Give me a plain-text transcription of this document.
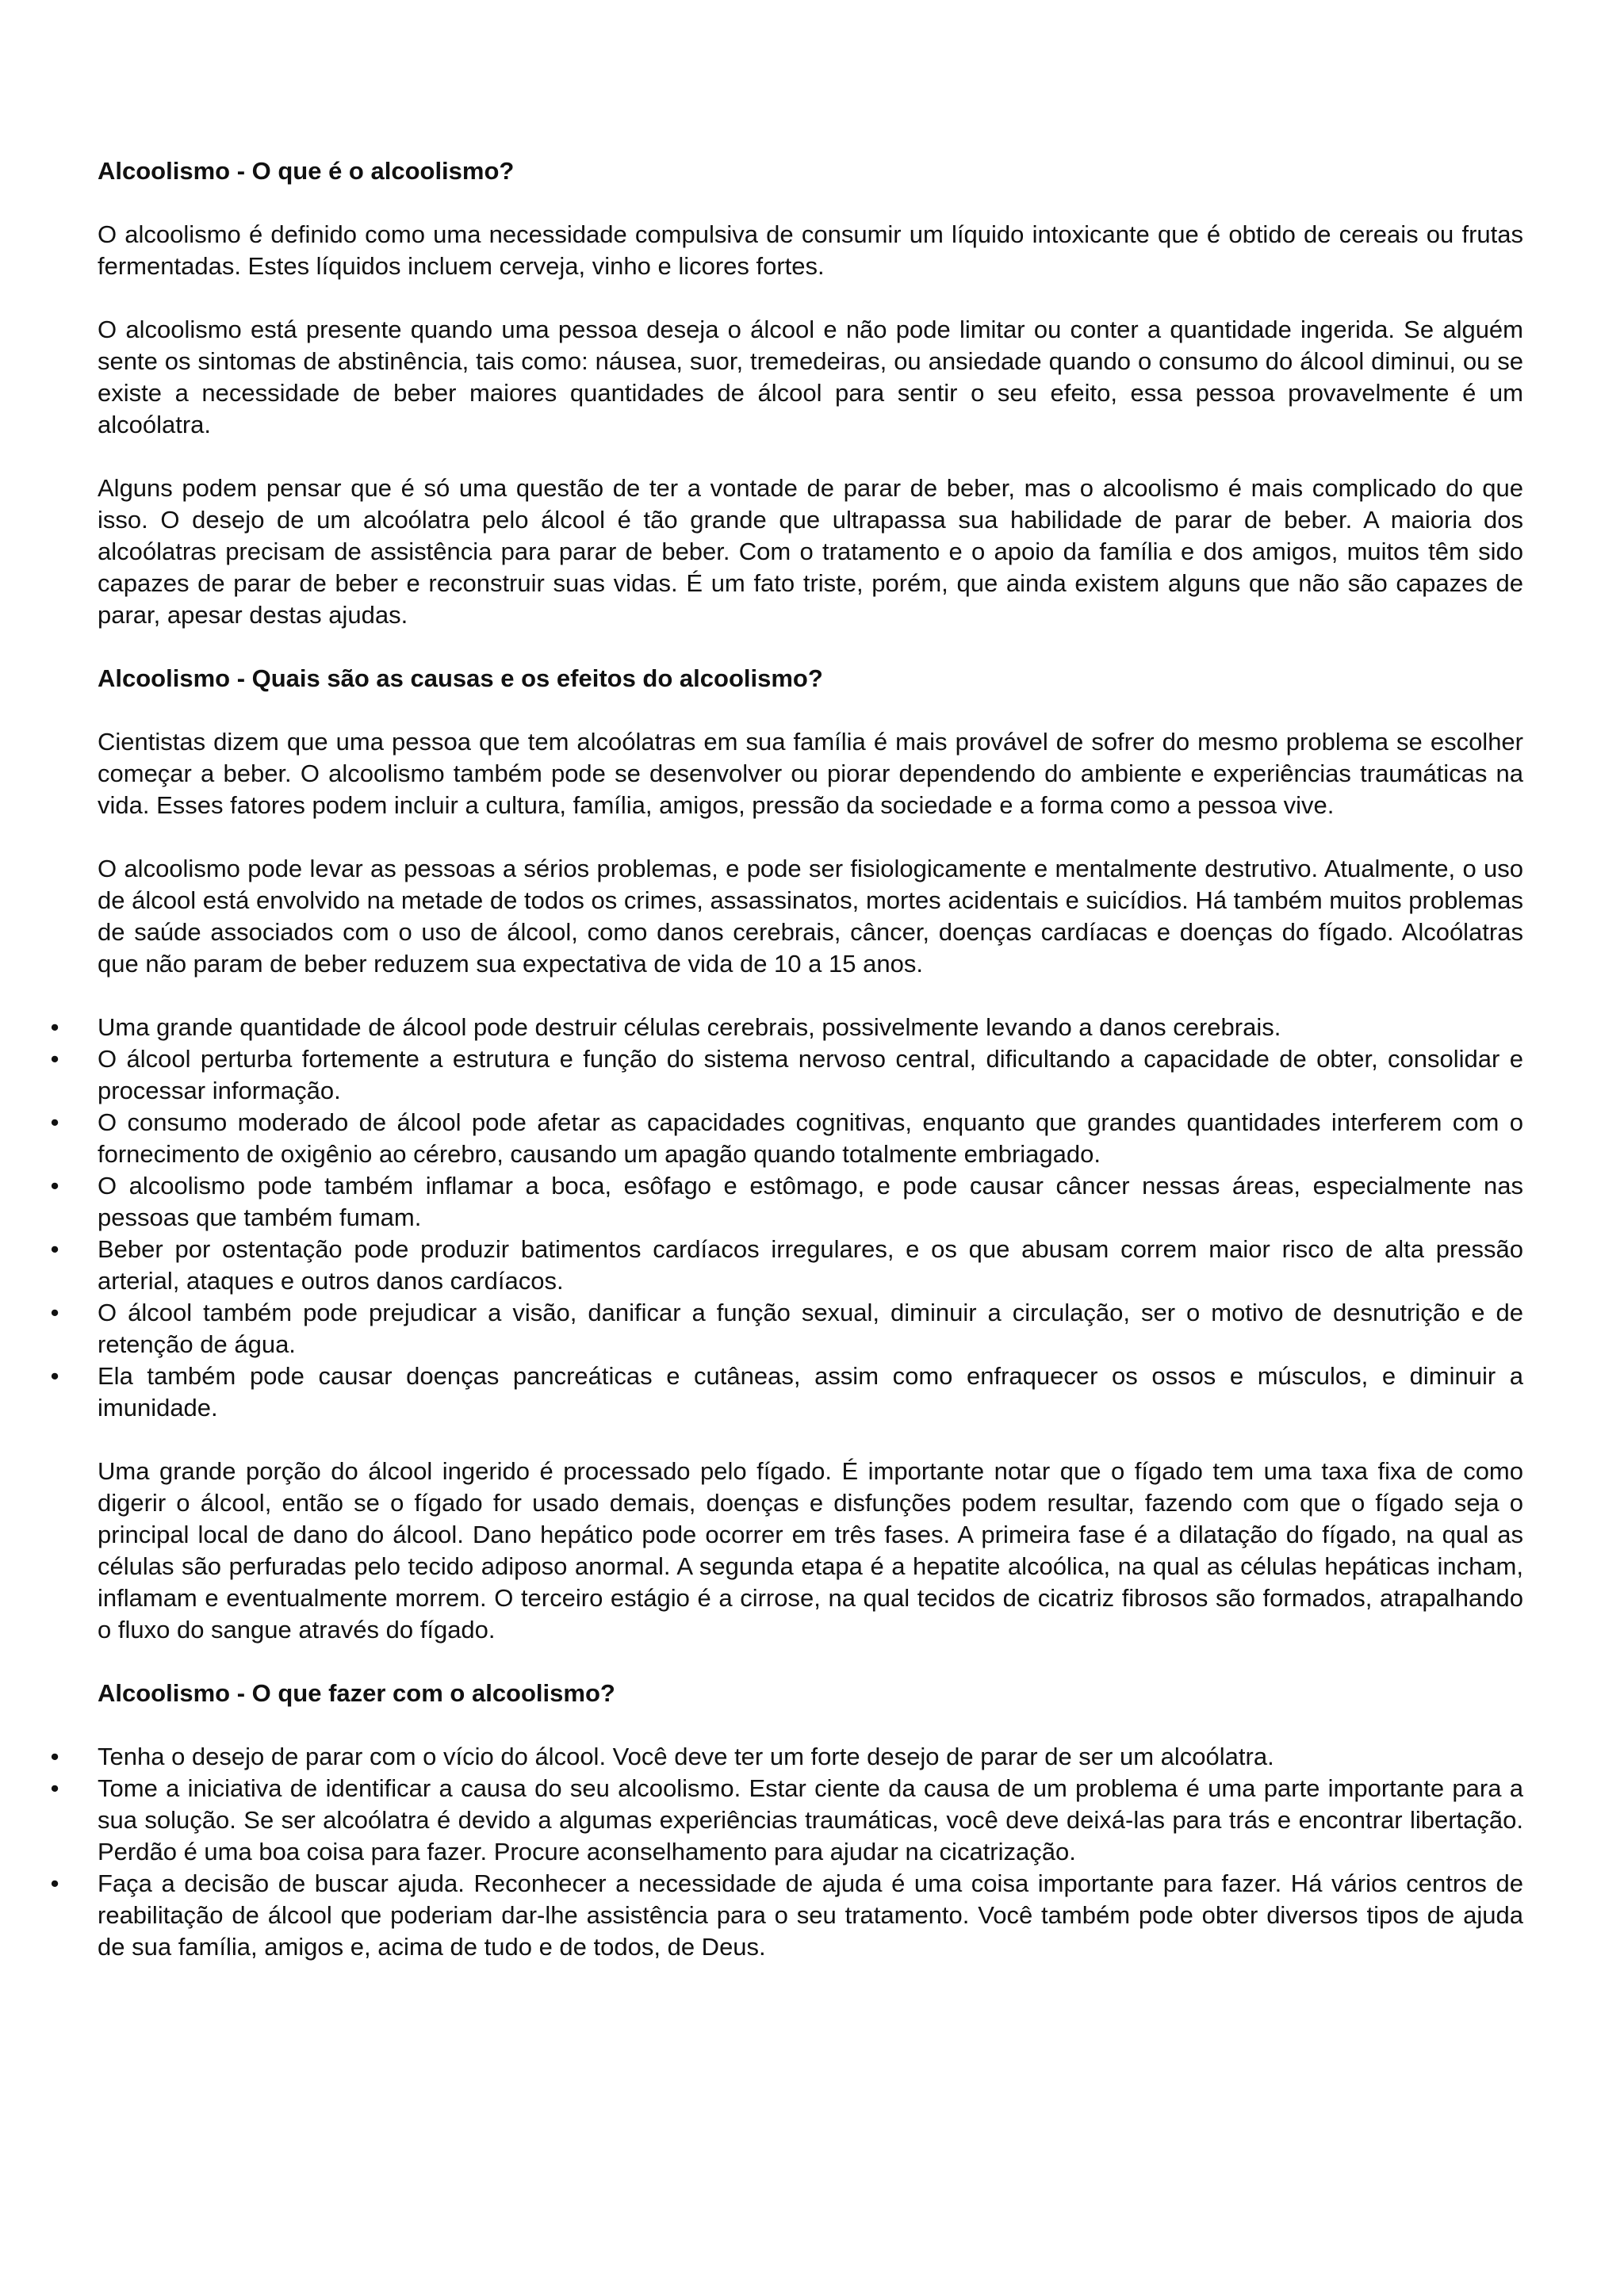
Alcoolismo - O que é o alcoolismo?

O alcoolismo é definido como uma necessidade compulsiva de consumir um líquido intoxicante que é obtido de cereais ou frutas fermentadas. Estes líquidos incluem cerveja, vinho e licores fortes.

O alcoolismo está presente quando uma pessoa deseja o álcool e não pode limitar ou conter a quantidade ingerida. Se alguém sente os sintomas de abstinência, tais como: náusea, suor, tremedeiras, ou ansiedade quando o consumo do álcool diminui, ou se existe a necessidade de beber maiores quantidades de álcool para sentir o seu efeito, essa pessoa provavelmente é um alcoólatra.

Alguns podem pensar que é só uma questão de ter a vontade de parar de beber, mas o alcoolismo é mais complicado do que isso. O desejo de um alcoólatra pelo álcool é tão grande que ultrapassa sua habilidade de parar de beber. A maioria dos alcoólatras precisam de assistência para parar de beber. Com o tratamento e o apoio da família e dos amigos, muitos têm sido capazes de parar de beber e reconstruir suas vidas. É um fato triste, porém, que ainda existem alguns que não são capazes de parar, apesar destas ajudas.

Alcoolismo - Quais são as causas e os efeitos do alcoolismo?

Cientistas dizem que uma pessoa que tem alcoólatras em sua família é mais provável de sofrer do mesmo problema se escolher começar a beber. O alcoolismo também pode se desenvolver ou piorar dependendo do ambiente e experiências traumáticas na vida. Esses fatores podem incluir a cultura, família, amigos, pressão da sociedade e a forma como a pessoa vive.

O alcoolismo pode levar as pessoas a sérios problemas, e pode ser fisiologicamente e mentalmente destrutivo. Atualmente, o uso de álcool está envolvido na metade de todos os crimes, assassinatos, mortes acidentais e suicídios. Há também muitos problemas de saúde associados com o uso de álcool, como danos cerebrais, câncer, doenças cardíacas e doenças do fígado. Alcoólatras que não param de beber reduzem sua expectativa de vida de 10 a 15 anos.

• Uma grande quantidade de álcool pode destruir células cerebrais, possivelmente levando a danos cerebrais.
• O álcool perturba fortemente a estrutura e função do sistema nervoso central, dificultando a capacidade de obter, consolidar e processar informação.
• O consumo moderado de álcool pode afetar as capacidades cognitivas, enquanto que grandes quantidades interferem com o fornecimento de oxigênio ao cérebro, causando um apagão quando totalmente embriagado.
• O alcoolismo pode também inflamar a boca, esôfago e estômago, e pode causar câncer nessas áreas, especialmente nas pessoas que também fumam.
• Beber por ostentação pode produzir batimentos cardíacos irregulares, e os que abusam correm maior risco de alta pressão arterial, ataques e outros danos cardíacos.
• O álcool também pode prejudicar a visão, danificar a função sexual, diminuir a circulação, ser o motivo de desnutrição e de retenção de água.
• Ela também pode causar doenças pancreáticas e cutâneas, assim como enfraquecer os ossos e músculos, e diminuir a imunidade.

Uma grande porção do álcool ingerido é processado pelo fígado. É importante notar que o fígado tem uma taxa fixa de como digerir o álcool, então se o fígado for usado demais, doenças e disfunções podem resultar, fazendo com que o fígado seja o principal local de dano do álcool. Dano hepático pode ocorrer em três fases. A primeira fase é a dilatação do fígado, na qual as células são perfuradas pelo tecido adiposo anormal. A segunda etapa é a hepatite alcoólica, na qual as células hepáticas incham, inflamam e eventualmente morrem. O terceiro estágio é a cirrose, na qual tecidos de cicatriz fibrosos são formados, atrapalhando o fluxo do sangue através do fígado.

Alcoolismo - O que fazer com o alcoolismo?
• Tenha o desejo de parar com o vício do álcool. Você deve ter um forte desejo de parar de ser um alcoólatra.
• Tome a iniciativa de identificar a causa do seu alcoolismo. Estar ciente da causa de um problema é uma parte importante para a sua solução. Se ser alcoólatra é devido a algumas experiências traumáticas, você deve deixá-las para trás e encontrar libertação. Perdão é uma boa coisa para fazer. Procure aconselhamento para ajudar na cicatrização.
• Faça a decisão de buscar ajuda. Reconhecer a necessidade de ajuda é uma coisa importante para fazer. Há vários centros de reabilitação de álcool que poderiam dar-lhe assistência para o seu tratamento. Você também pode obter diversos tipos de ajuda de sua família, amigos e, acima de tudo e de todos, de Deus.
